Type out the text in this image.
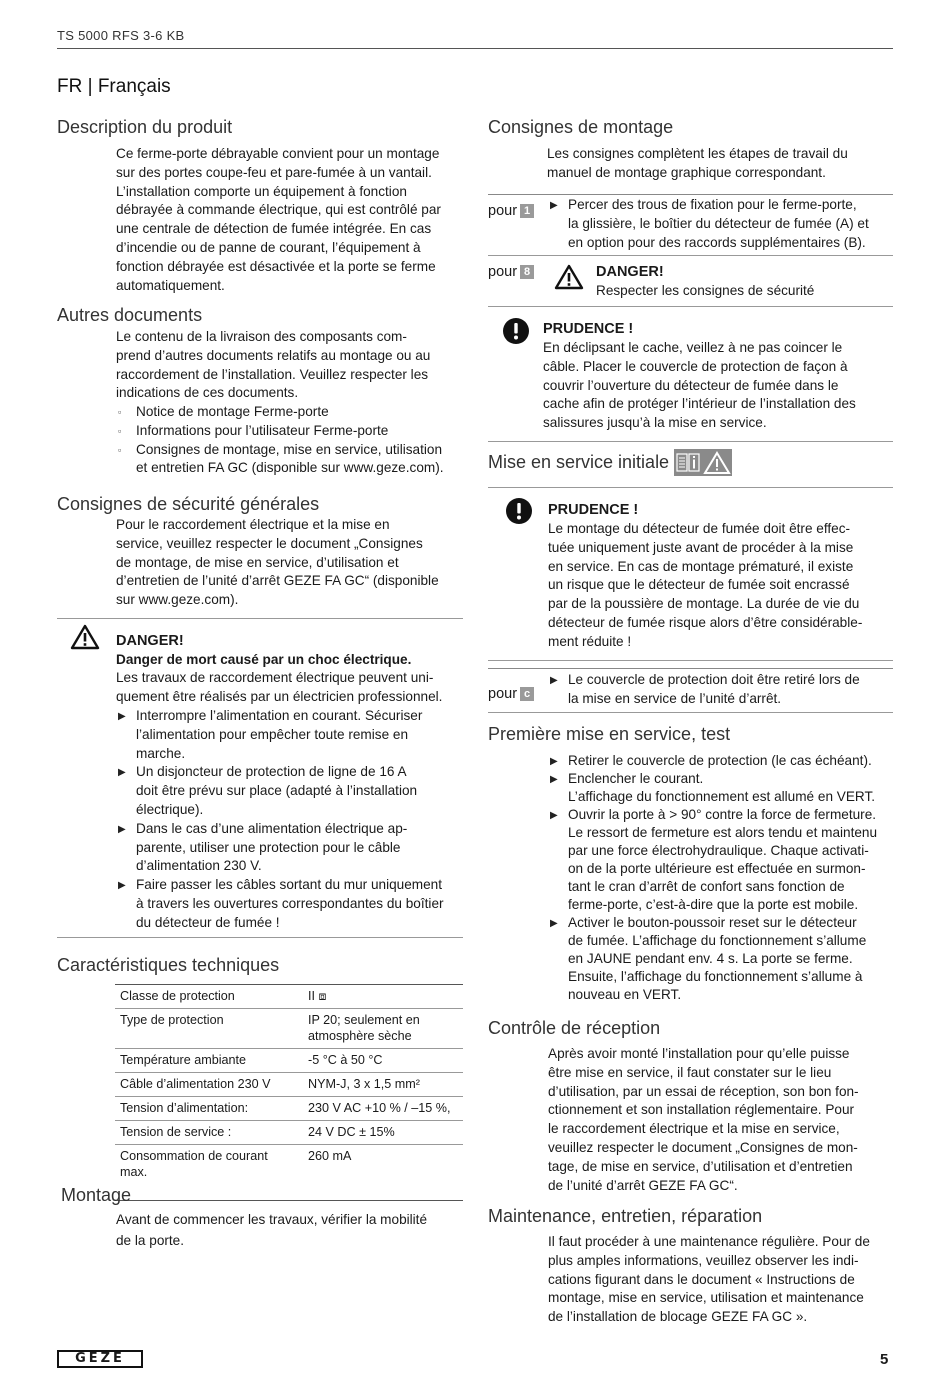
TS 5000 RFS 3-6 KB
FR | Français
Description du produit

Ce ferme-porte débrayable convient pour un montage

sur des portes coupe-feu et pare-fumée à un vantail.

L’installation comporte un équipement à fonction

débrayée à commande électrique, qui est contrôlé par

une centrale de détection de fumée intégrée. En cas

d’incendie ou de panne de courant, l’équipement à

fonction débrayée est désactivée et la porte se ferme

automatiquement.

Autres documents

Le contenu de la livraison des composants com-

prend d’autres documents relatifs au montage ou au

raccordement de l’installation. Veuillez respecter les

indications de ces documents.

▫ Notice de montage Ferme-porte
▫ Informations pour l’utilisateur Ferme-porte
▫ Consignes de montage, mise en service, utilisation
et entretien FA GC (disponible sur www.geze.com).
Consignes de sécurité générales

Pour le raccordement électrique et la mise en

service, veuillez respecter le document „Consignes

de montage, de mise en service, d’utilisation et

d’entretien de l’unité d’arrêt GEZE FA GC“ (disponible

sur www.geze.com).

DANGER!
Danger de mort causé par un choc électrique.

Les travaux de raccordement électrique peuvent uni-

quement être réalisés par un électricien professionnel.

▶ Interrompre l’alimentation en courant. Sécuriser
l’alimentation pour empêcher toute remise en
marche.
▶ Un disjoncteur de protection de ligne de 16 A
doit être prévu sur place (adapté à l’installation
électrique).
▶ Dans le cas d’une alimentation électrique ap-
parente, utiliser une protection pour le câble
d’alimentation 230 V.
▶ Faire passer les câbles sortant du mur uniquement
à travers les ouvertures correspondantes du boîtier
du détecteur de fumée !
Caractéristiques techniques
Classe de protection	II ⧈
Type de protection	IP 20; seulement en atmosphère sèche
Température ambiante	-5 °C à 50 °C
Câble d’alimentation 230 V	NYM-J, 3 x 1,5 mm²
Tension d’alimentation:	230 V AC +10 % / –15 %,
Tension de service :	24 V DC ± 15%
Consommation de courant max.	260 mA
Montage

Avant de commencer les travaux, vérifier la mobilité

de la porte.

Consignes de montage

Les consignes complètent les étapes de travail du

manuel de montage graphique correspondant.

pour 1	▶ Percer des trous de fixation pour le ferme-porte,
la glissière, le boîtier du détecteur de fumée (A) et
en option pour des raccords supplémentaires (B).
pour 8	DANGER!
Respecter les consignes de sécurité
PRUDENCE !

En déclipsant le cache, veillez à ne pas coincer le

câble. Placer le couvercle de protection de façon à

couvrir l’ouverture du détecteur de fumée dans le

cache afin de protéger l’intérieur de l’installation des

salissures jusqu’à la mise en service.

Mise en service initiale
PRUDENCE !

Le montage du détecteur de fumée doit être effec-

tuée uniquement juste avant de procéder à la mise

en service. En cas de montage prématuré, il existe

un risque que le détecteur de fumée soit encrassé

par de la poussière de montage. La durée de vie du

détecteur de fumée risque alors d’être considérable-

ment réduite !

pour c
▶ Le couvercle de protection doit être retiré lors de
la mise en service de l’unité d’arrêt.
Première mise en service, test
▶ Retirer le couvercle de protection (le cas échéant).
▶ Enclencher le courant.
L’affichage du fonctionnement est allumé en VERT.
▶ Ouvrir la porte à > 90° contre la force de fermeture.
Le ressort de fermeture est alors tendu et maintenu
par une force électrohydraulique. Chaque activati-
on de la porte ultérieure est effectuée en surmon-
tant le cran d’arrêt de confort sans fonction de
ferme-porte, c’est-à-dire que la porte est mobile.
▶ Activer le bouton-poussoir reset sur le détecteur
de fumée. L’affichage du fonctionnement s’allume
en JAUNE pendant env. 4 s. La porte se ferme.
Ensuite, l’affichage du fonctionnement s’allume à
nouveau en VERT.
Contrôle de réception

Après avoir monté l’installation pour qu’elle puisse

être mise en service, il faut constater sur le lieu

d’utilisation, par un essai de réception, son bon fon-

ctionnement et son installation réglementaire. Pour

le raccordement électrique et la mise en service,

veuillez respecter le document „Consignes de mon-

tage, de mise en service, d’utilisation et d’entretien

de l’unité d’arrêt GEZE FA GC“.

Maintenance, entretien, réparation

Il faut procéder à une maintenance régulière. Pour de

plus amples informations, veuillez observer les indi-

cations figurant dans le document « Instructions de

montage, mise en service, utilisation et maintenance

de l’installation de blocage GEZE FA GC ».

GEZE	5
